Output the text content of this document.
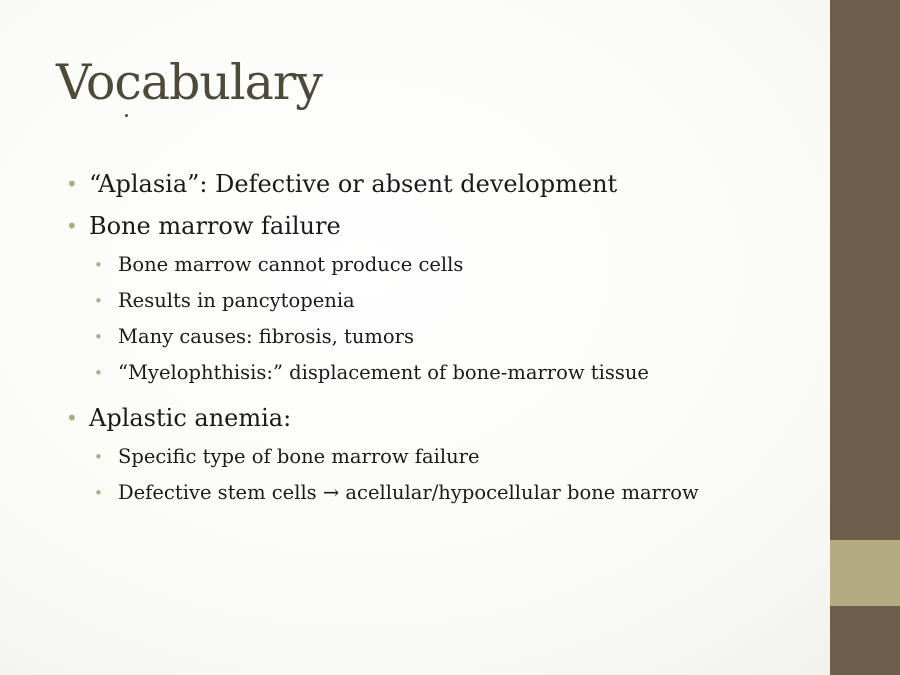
Vocabulary
• “Aplasia”: Defective or absent development
• Bone marrow failure
• Bone marrow cannot produce cells
• Results in pancytopenia
• Many causes: fibrosis, tumors
• “Myelophthisis:” displacement of bone-marrow tissue
• Aplastic anemia:
• Specific type of bone marrow failure
• Defective stem cells → acellular/hypocellular bone marrow
